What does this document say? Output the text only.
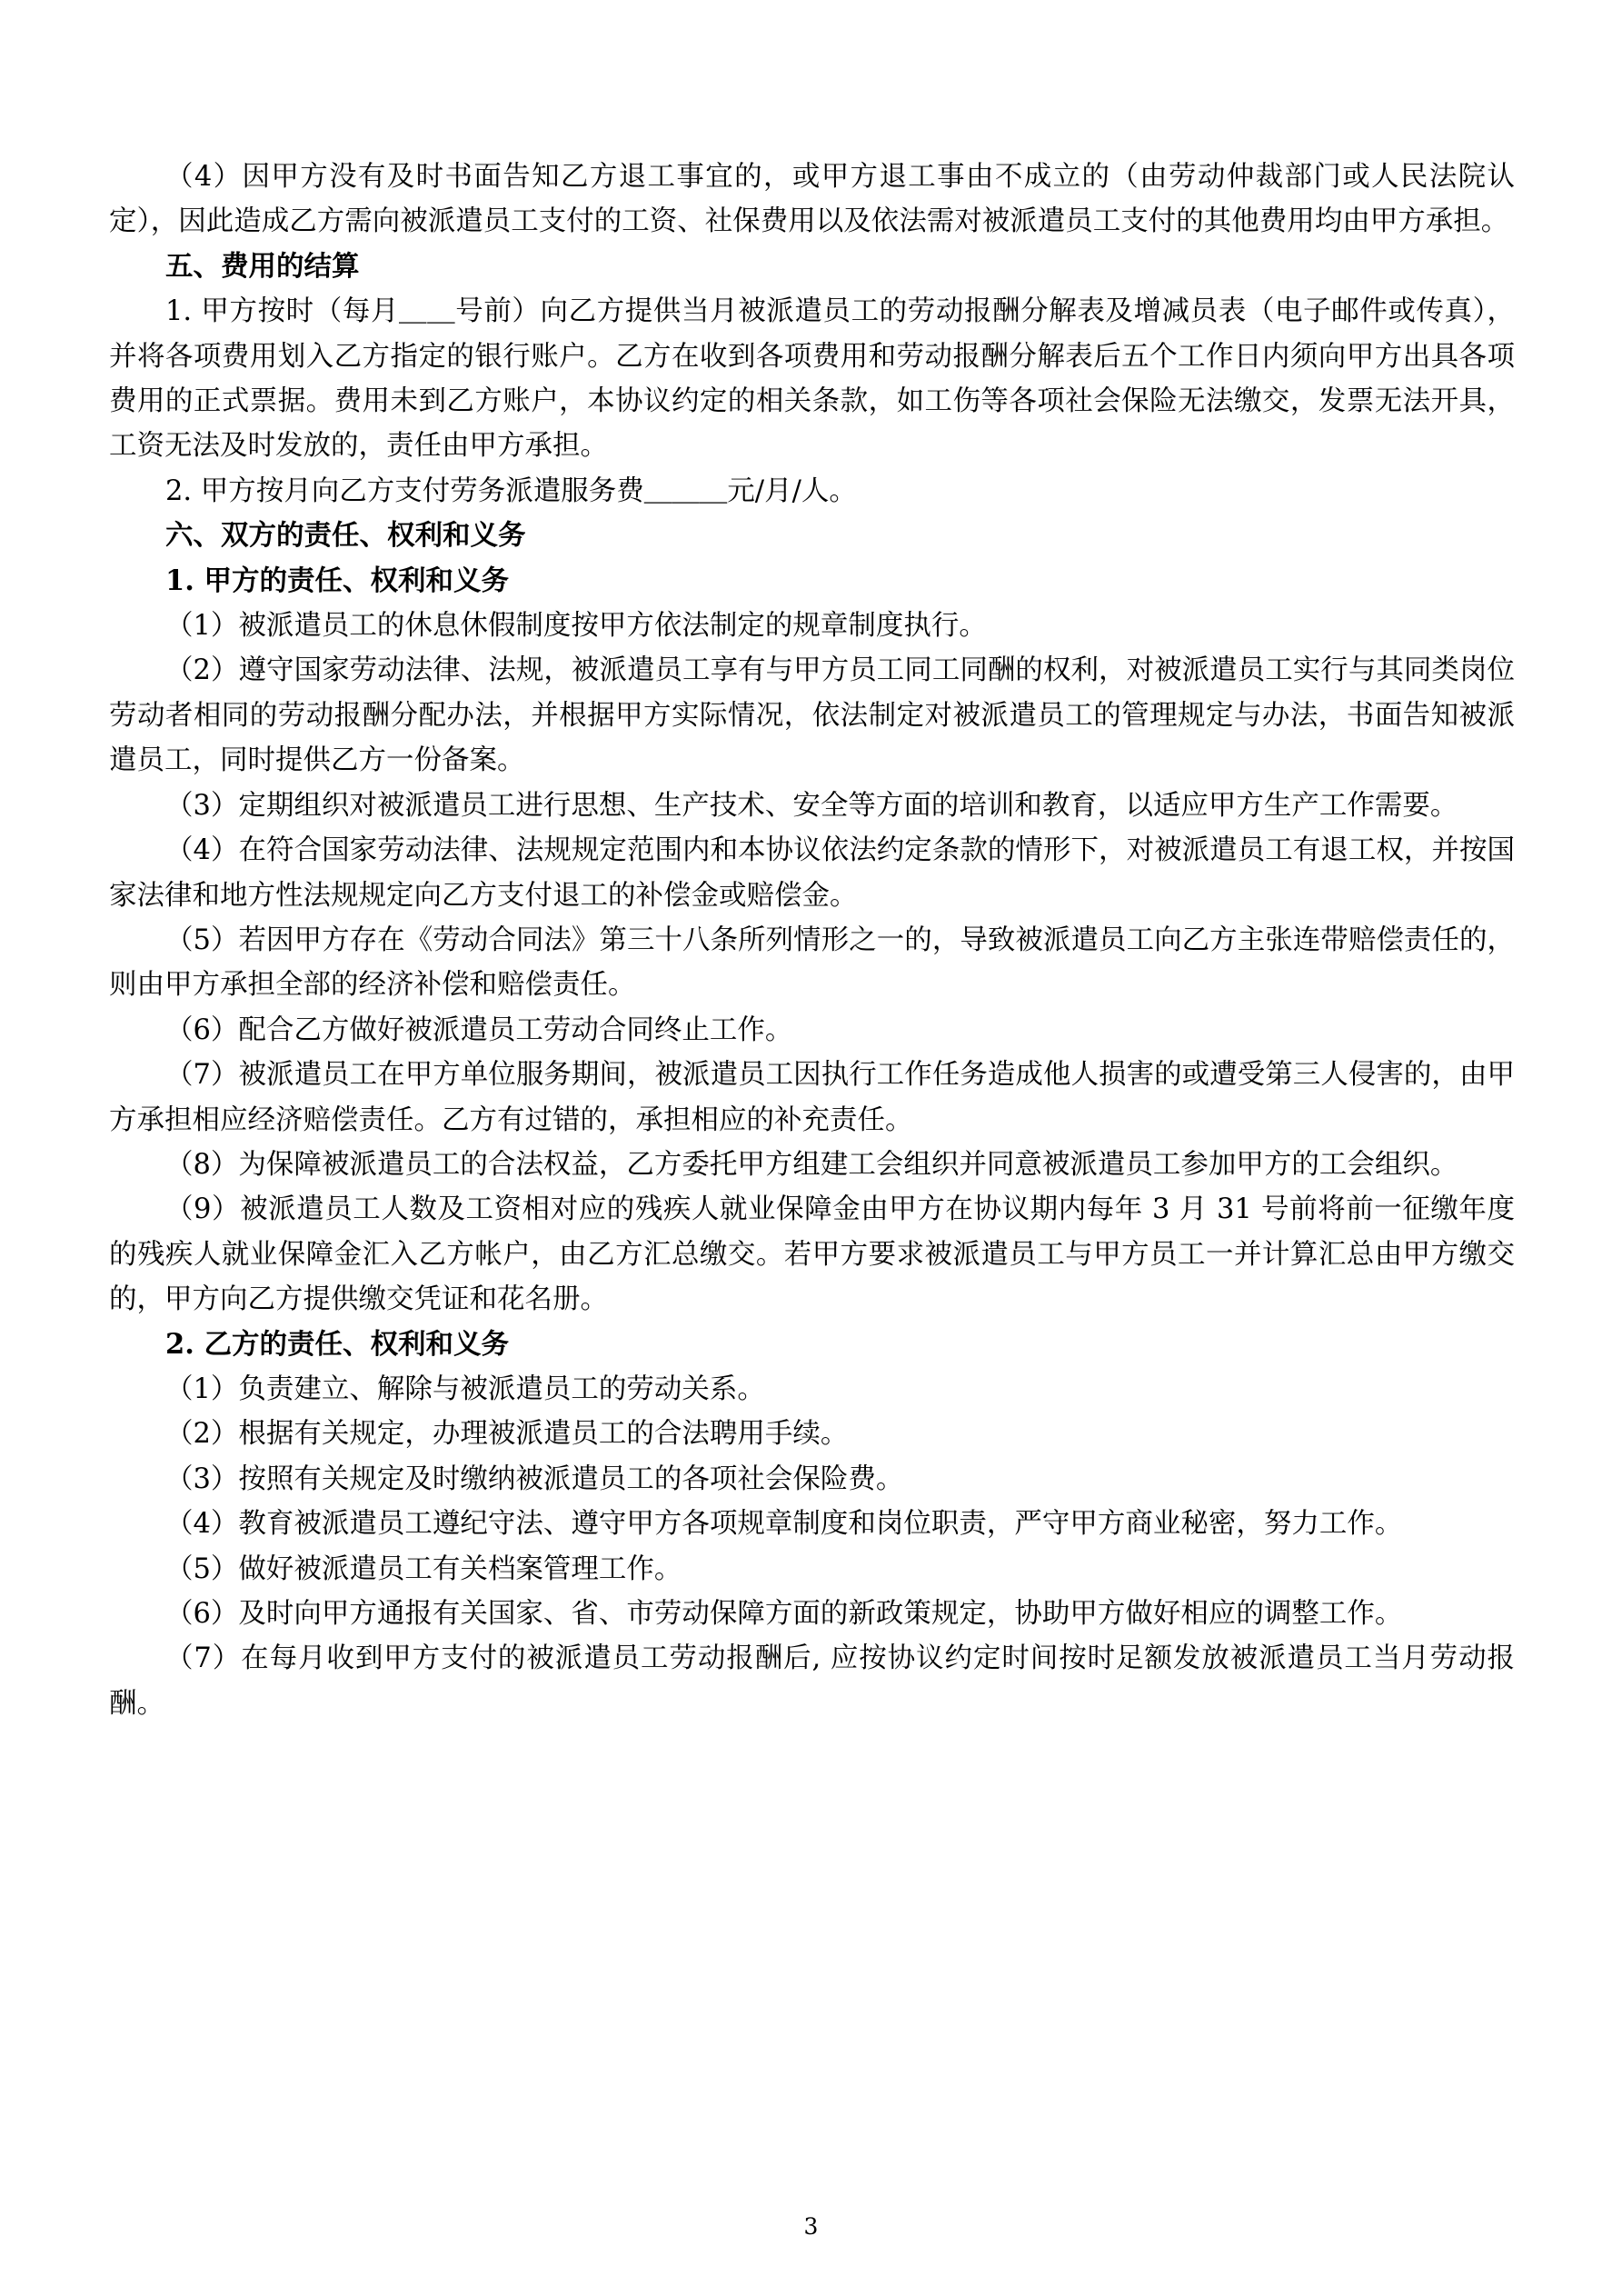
（4）因甲方没有及时书面告知乙方退工事宜的，或甲方退工事由不成立的（由劳动仲裁部门或人民法院认定），因此造成乙方需向被派遣员工支付的工资、社保费用以及依法需对被派遣员工支付的其他费用均由甲方承担。

五、费用的结算

1. 甲方按时（每月＿＿号前）向乙方提供当月被派遣员工的劳动报酬分解表及增减员表（电子邮件或传真），并将各项费用划入乙方指定的银行账户。乙方在收到各项费用和劳动报酬分解表后五个工作日内须向甲方出具各项费用的正式票据。费用未到乙方账户，本协议约定的相关条款，如工伤等各项社会保险无法缴交，发票无法开具，工资无法及时发放的，责任由甲方承担。

2. 甲方按月向乙方支付劳务派遣服务费＿＿＿元/月/人。

六、双方的责任、权利和义务

1. 甲方的责任、权利和义务

（1）被派遣员工的休息休假制度按甲方依法制定的规章制度执行。

（2）遵守国家劳动法律、法规，被派遣员工享有与甲方员工同工同酬的权利，对被派遣员工实行与其同类岗位劳动者相同的劳动报酬分配办法，并根据甲方实际情况，依法制定对被派遣员工的管理规定与办法，书面告知被派遣员工，同时提供乙方一份备案。

（3）定期组织对被派遣员工进行思想、生产技术、安全等方面的培训和教育，以适应甲方生产工作需要。

（4）在符合国家劳动法律、法规规定范围内和本协议依法约定条款的情形下，对被派遣员工有退工权，并按国家法律和地方性法规规定向乙方支付退工的补偿金或赔偿金。

（5）若因甲方存在《劳动合同法》第三十八条所列情形之一的，导致被派遣员工向乙方主张连带赔偿责任的，则由甲方承担全部的经济补偿和赔偿责任。

（6）配合乙方做好被派遣员工劳动合同终止工作。

（7）被派遣员工在甲方单位服务期间，被派遣员工因执行工作任务造成他人损害的或遭受第三人侵害的，由甲方承担相应经济赔偿责任。乙方有过错的，承担相应的补充责任。

（8）为保障被派遣员工的合法权益，乙方委托甲方组建工会组织并同意被派遣员工参加甲方的工会组织。

（9）被派遣员工人数及工资相对应的残疾人就业保障金由甲方在协议期内每年 3 月 31 号前将前一征缴年度的残疾人就业保障金汇入乙方帐户，由乙方汇总缴交。若甲方要求被派遣员工与甲方员工一并计算汇总由甲方缴交的，甲方向乙方提供缴交凭证和花名册。

2. 乙方的责任、权利和义务

（1）负责建立、解除与被派遣员工的劳动关系。

（2）根据有关规定，办理被派遣员工的合法聘用手续。

（3）按照有关规定及时缴纳被派遣员工的各项社会保险费。

（4）教育被派遣员工遵纪守法、遵守甲方各项规章制度和岗位职责，严守甲方商业秘密，努力工作。

（5）做好被派遣员工有关档案管理工作。

（6）及时向甲方通报有关国家、省、市劳动保障方面的新政策规定，协助甲方做好相应的调整工作。

（7）在每月收到甲方支付的被派遣员工劳动报酬后, 应按协议约定时间按时足额发放被派遣员工当月劳动报酬。

3
